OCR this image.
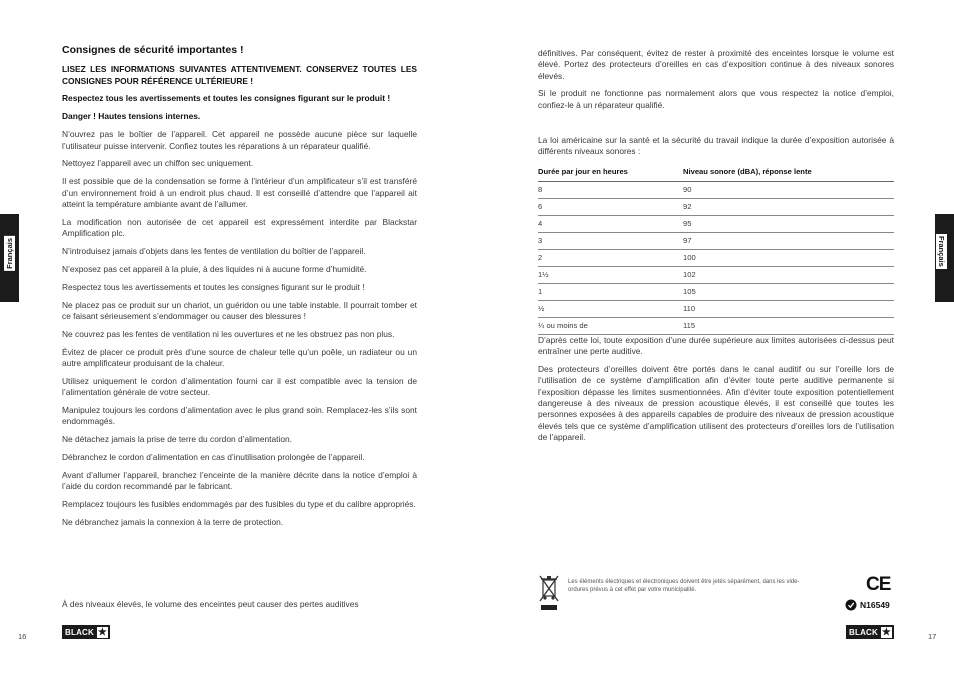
Français
Consignes de sécurité importantes !

LISEZ LES INFORMATIONS SUIVANTES ATTENTIVEMENT. CONSERVEZ TOUTES LES CONSIGNES POUR RÉFÉRENCE ULTÉRIEURE !

Respectez tous les avertissements et toutes les consignes figurant sur le produit !

Danger ! Hautes tensions internes.

N’ouvrez pas le boîtier de l’appareil. Cet appareil ne possède aucune pièce sur laquelle l’utilisateur puisse intervenir. Confiez toutes les réparations à un réparateur qualifié.

Nettoyez l’appareil avec un chiffon sec uniquement.

Il est possible que de la condensation se forme à l’intérieur d’un amplificateur s’il est transféré d’un environnement froid à un endroit plus chaud. Il est conseillé d’attendre que l’appareil ait atteint la température ambiante avant de l’allumer.

La modification non autorisée de cet appareil est expressément interdite par Blackstar Amplification plc.

N’introduisez jamais d’objets dans les fentes de ventilation du boîtier de l’appareil.

N’exposez pas cet appareil à la pluie, à des liquides ni à aucune forme d’humidité.

Respectez tous les avertissements et toutes les consignes figurant sur le produit !

Ne placez pas ce produit sur un chariot, un guéridon ou une table instable. Il pourrait tomber et ce faisant sérieusement s’endommager ou causer des blessures !

Ne couvrez pas les fentes de ventilation ni les ouvertures et ne les obstruez pas non plus.

Évitez de placer ce produit près d’une source de chaleur telle qu’un poêle, un radiateur ou un autre amplificateur produisant de la chaleur.

Utilisez uniquement le cordon d’alimentation fourni car il est compatible avec la tension de l’alimentation générale de votre secteur.

Manipulez toujours les cordons d’alimentation avec le plus grand soin. Remplacez-les s’ils sont endommagés.

Ne détachez jamais la prise de terre du cordon d’alimentation.

Débranchez le cordon d’alimentation en cas d’inutilisation prolongée de l’appareil.

Avant d’allumer l’appareil, branchez l’enceinte de la manière décrite dans la notice d’emploi à l’aide du cordon recommandé par le fabricant.

Remplacez toujours les fusibles endommagés par des fusibles du type et du calibre appropriés.

Ne débranchez jamais la connexion à la terre de protection.

À des niveaux élevés, le volume des enceintes peut causer des pertes auditives

16	BLACK ★

définitives. Par conséquent, évitez de rester à proximité des enceintes lorsque le volume est élevé. Portez des protecteurs d’oreilles en cas d’exposition continue à des niveaux sonores élevés.

Si le produit ne fonctionne pas normalement alors que vous respectez la notice d’emploi, confiez-le à un réparateur qualifié.

La loi américaine sur la santé et la sécurité du travail indique la durée d’exposition autorisée à différents niveaux sonores :

Durée par jour en heures	Niveau sonore (dBA), réponse lente
8	90
6	92
4	95
3	97
2	100
1½	102
1	105
½	110
¼ ou moins de	115

D’après cette loi, toute exposition d’une durée supérieure aux limites autorisées ci-dessus peut entraîner une perte auditive.

Des protecteurs d’oreilles doivent être portés dans le canal auditif ou sur l’oreille lors de l’utilisation de ce système d’amplification afin d’éviter toute perte auditive permanente si l’exposition dépasse les limites susmentionnées. Afin d’éviter toute exposition potentiellement dangereuse à des niveaux de pression acoustique élevés, il est conseillé que toutes les personnes exposées à des appareils capables de produire des niveaux de pression acoustique élevés tels que ce système d’amplification utilisent des protecteurs d’oreilles lors de l’utilisation de l’appareil.

Les éléments électriques et électroniques doivent être jetés séparément, dans les vide-ordures prévus à cet effet par votre municipalité.	CE
N16549
BLACK ★	17
Français
